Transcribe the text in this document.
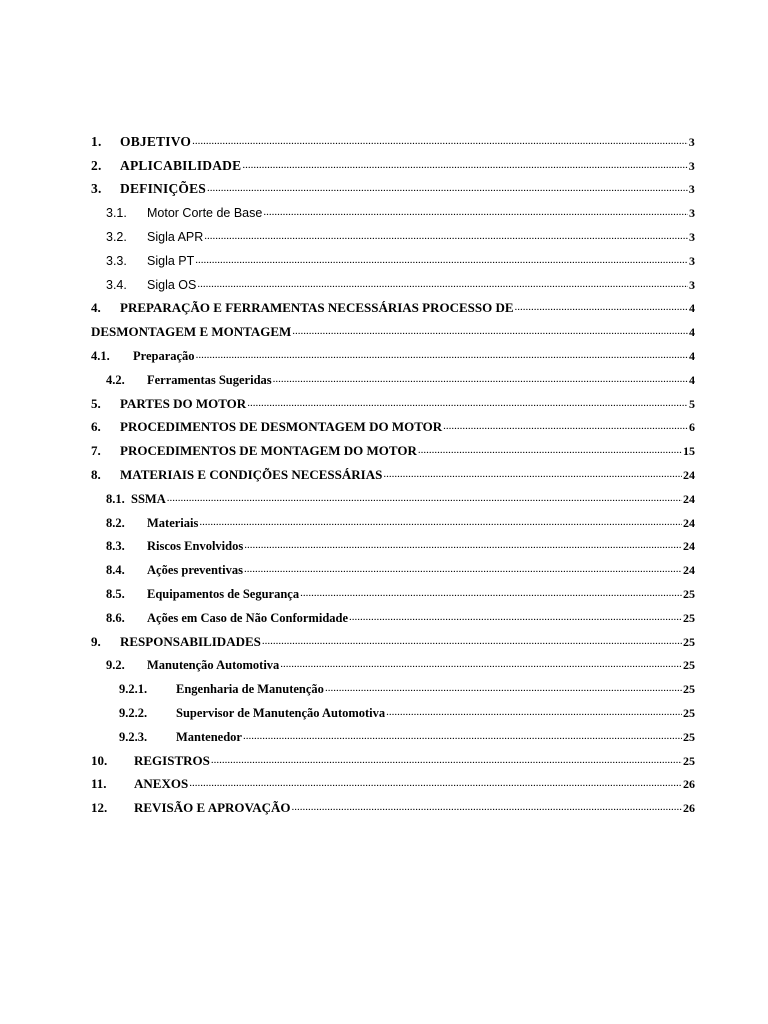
1.	OBJETIVO .....	3
2.	APLICABILIDADE .....	3
3.	DEFINIÇÕES .....	3
3.1.	Motor Corte de Base .....	3
3.2.	Sigla APR .....	3
3.3.	Sigla PT .....	3
3.4.	Sigla OS .....	3
4.	PREPARAÇÃO E FERRAMENTAS NECESSÁRIAS PROCESSO DE .....	4
DESMONTAGEM E MONTAGEM .....	4
4.1.	Preparação .....	4
4.2.	Ferramentas Sugeridas .....	4
5.	PARTES DO MOTOR .....	5
6.	PROCEDIMENTOS DE DESMONTAGEM DO MOTOR .....	6
7.	PROCEDIMENTOS DE MONTAGEM DO MOTOR .....	15
8.	MATERIAIS E CONDIÇÕES NECESSÁRIAS .....	24
8.1. SSMA .....	24
8.2.	Materiais .....	24
8.3.	Riscos Envolvidos .....	24
8.4.	Ações preventivas .....	24
8.5.	Equipamentos de Segurança .....	25
8.6.	Ações em Caso de Não Conformidade .....	25
9.	RESPONSABILIDADES .....	25
9.2.	Manutenção Automotiva .....	25
9.2.1.	Engenharia de Manutenção .....	25
9.2.2.	Supervisor de Manutenção Automotiva .....	25
9.2.3.	Mantenedor .....	25
10.	REGISTROS .....	25
11.	ANEXOS .....	26
12.	REVISÃO E APROVAÇÃO .....	26
